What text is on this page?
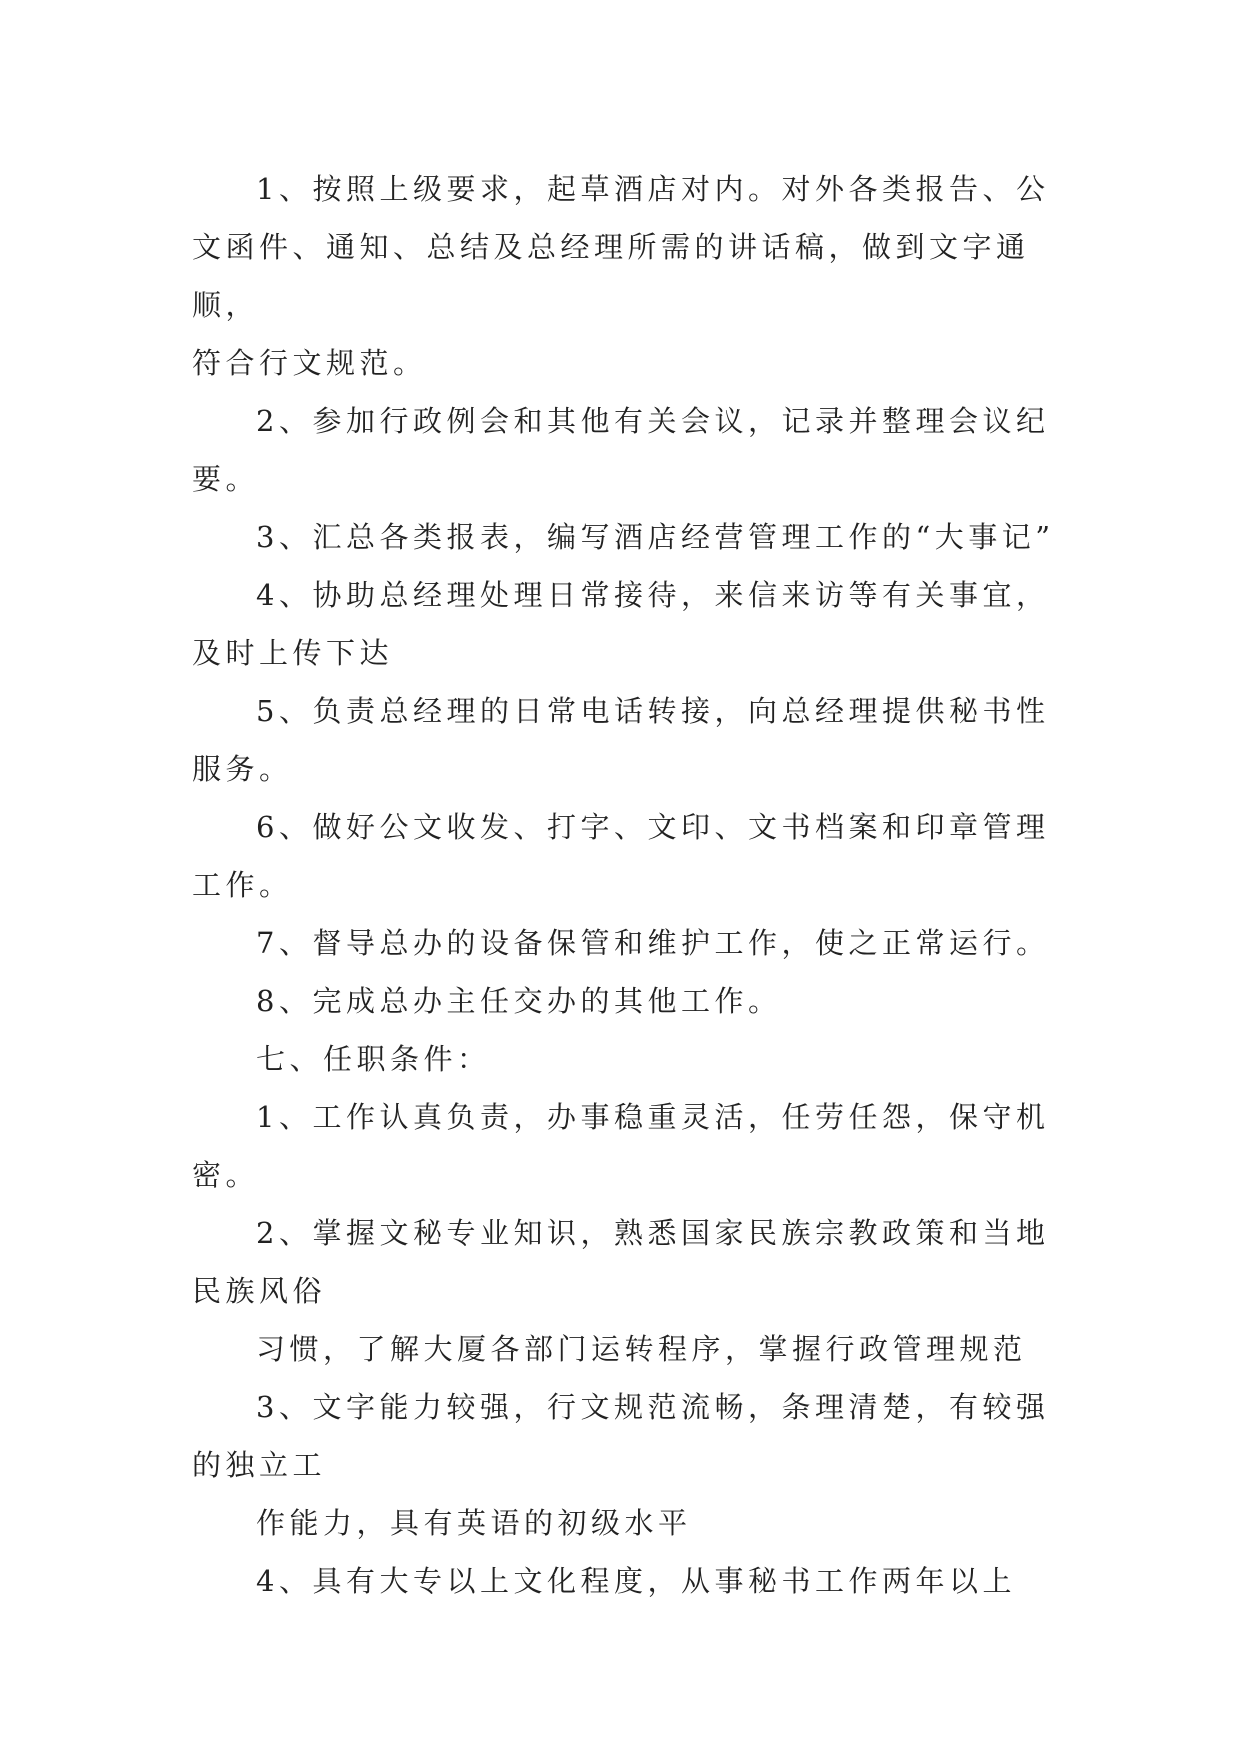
1、按照上级要求，起草酒店对内。对外各类报告、公
文函件、通知、总结及总经理所需的讲话稿，做到文字通顺，
符合行文规范。

2、参加行政例会和其他有关会议，记录并整理会议纪
要。

3、汇总各类报表，编写酒店经营管理工作的“大事记”

4、协助总经理处理日常接待，来信来访等有关事宜，
及时上传下达

5、负责总经理的日常电话转接，向总经理提供秘书性
服务。

6、做好公文收发、打字、文印、文书档案和印章管理
工作。

7、督导总办的设备保管和维护工作，使之正常运行。

8、完成总办主任交办的其他工作。

七、任职条件：

1、工作认真负责，办事稳重灵活，任劳任怨，保守机
密。

2、掌握文秘专业知识，熟悉国家民族宗教政策和当地
民族风俗

习惯，了解大厦各部门运转程序，掌握行政管理规范

3、文字能力较强，行文规范流畅，条理清楚，有较强
的独立工

作能力，具有英语的初级水平

4、具有大专以上文化程度，从事秘书工作两年以上
